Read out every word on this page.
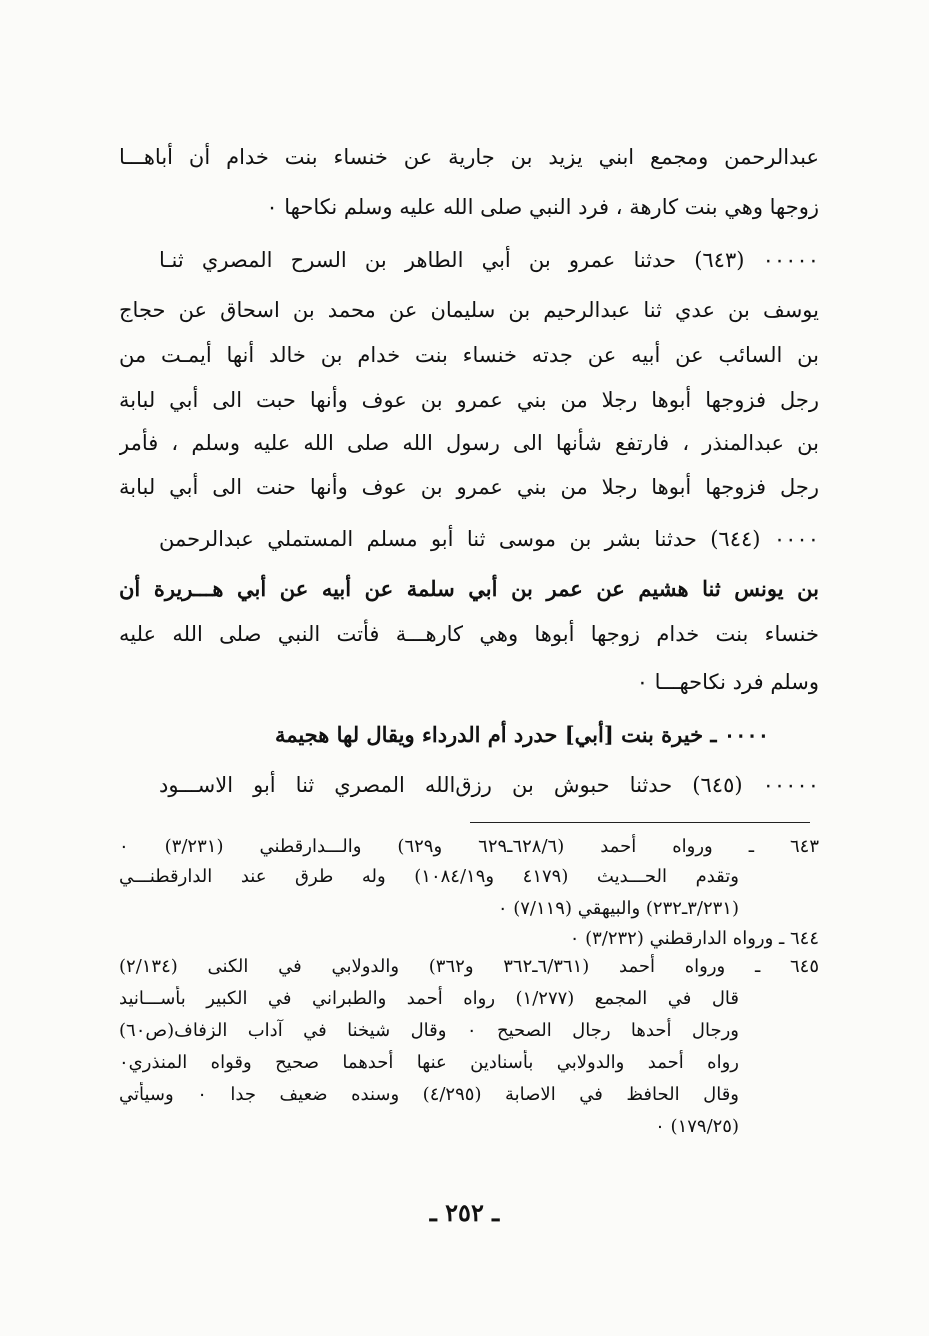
عبدالرحمن ومجمع ابني يزيد بن جارية عن خنساء بنت خدام أن أباهـــا
زوجها وهي بنت كارهة ، فرد النبي صلى الله عليه وسلم نكاحها ٠
٠٠٠٠٠ (٦٤٣) حدثنا عمرو بن أبي الطاهر بن السرح المصري ثنـا
يوسف بن عدي ثنا عبدالرحيم بن سليمان عن محمد بن اسحاق عن حجاج
بن السائب عن أبيه عن جدته خنساء بنت خدام بن خالد أنها أيمـت من
رجل فزوجها أبوها رجلا من بني عمرو بن عوف وأنها حبت الى أبي لبابة
بن عبدالمنذر ، فارتفع شأنها الى رسول الله صلى الله عليه وسلم ، فأمر
رجل فزوجها أبوها رجلا من بني عمرو بن عوف وأنها حنت الى أبي لبابة
٠٠٠٠ (٦٤٤) حدثنا بشر بن موسى ثنا أبو مسلم المستملي عبدالرحمن
بن يونس ثنا هشيم عن عمر بن أبي سلمة عن أبيه عن أبي هـــريرة أن
خنساء بنت خدام زوجها أبوها وهي كارهـــة فأتت النبي صلى الله عليه
وسلم فرد نكاحهـــا ٠
٠٠٠٠ ـ خيرة بنت [أبي] حدرد أم الدرداء ويقال لها هجيمة
٠٠٠٠٠ (٦٤٥) حدثنا حبوش بن رزق‌الله المصري ثنا أبو الاســـود
٦٤٣ ـ ورواه أحمد (٦٢٨/٦ـ٦٢٩ و٦٢٩) والـــدارقطني (٣/٢٣١) ٠
وتقدم الحـــديث (٤١٧٩ و١٠٨٤/١٩) وله طرق عند الدارقطنـــي
(٣/٢٣١ـ٢٣٢) والبيهقي (٧/١١٩) ٠
٦٤٤ ـ ورواه الدارقطني (٣/٢٣٢) ٠
٦٤٥ ـ ورواه أحمد (٦/٣٦١ـ٣٦٢ و٣٦٢) والدولابي في الكنى (٢/١٣٤)
قال في المجمع (١/٢٧٧) رواه أحمد والطبراني في الكبير بأســـانيد
ورجال أحدها رجال الصحيح ٠ وقال شيخنا في آداب الزفاف(ص٦٠)
رواه أحمد والدولابي بأسنادين عنها أحدهما صحيح وقواه المنذري٠
وقال الحافظ في الاصابة (٤/٢٩٥) وسنده ضعيف جدا ٠ وسيأتي
(١٧٩/٢٥) ٠
ـ ٢٥٢ ـ
